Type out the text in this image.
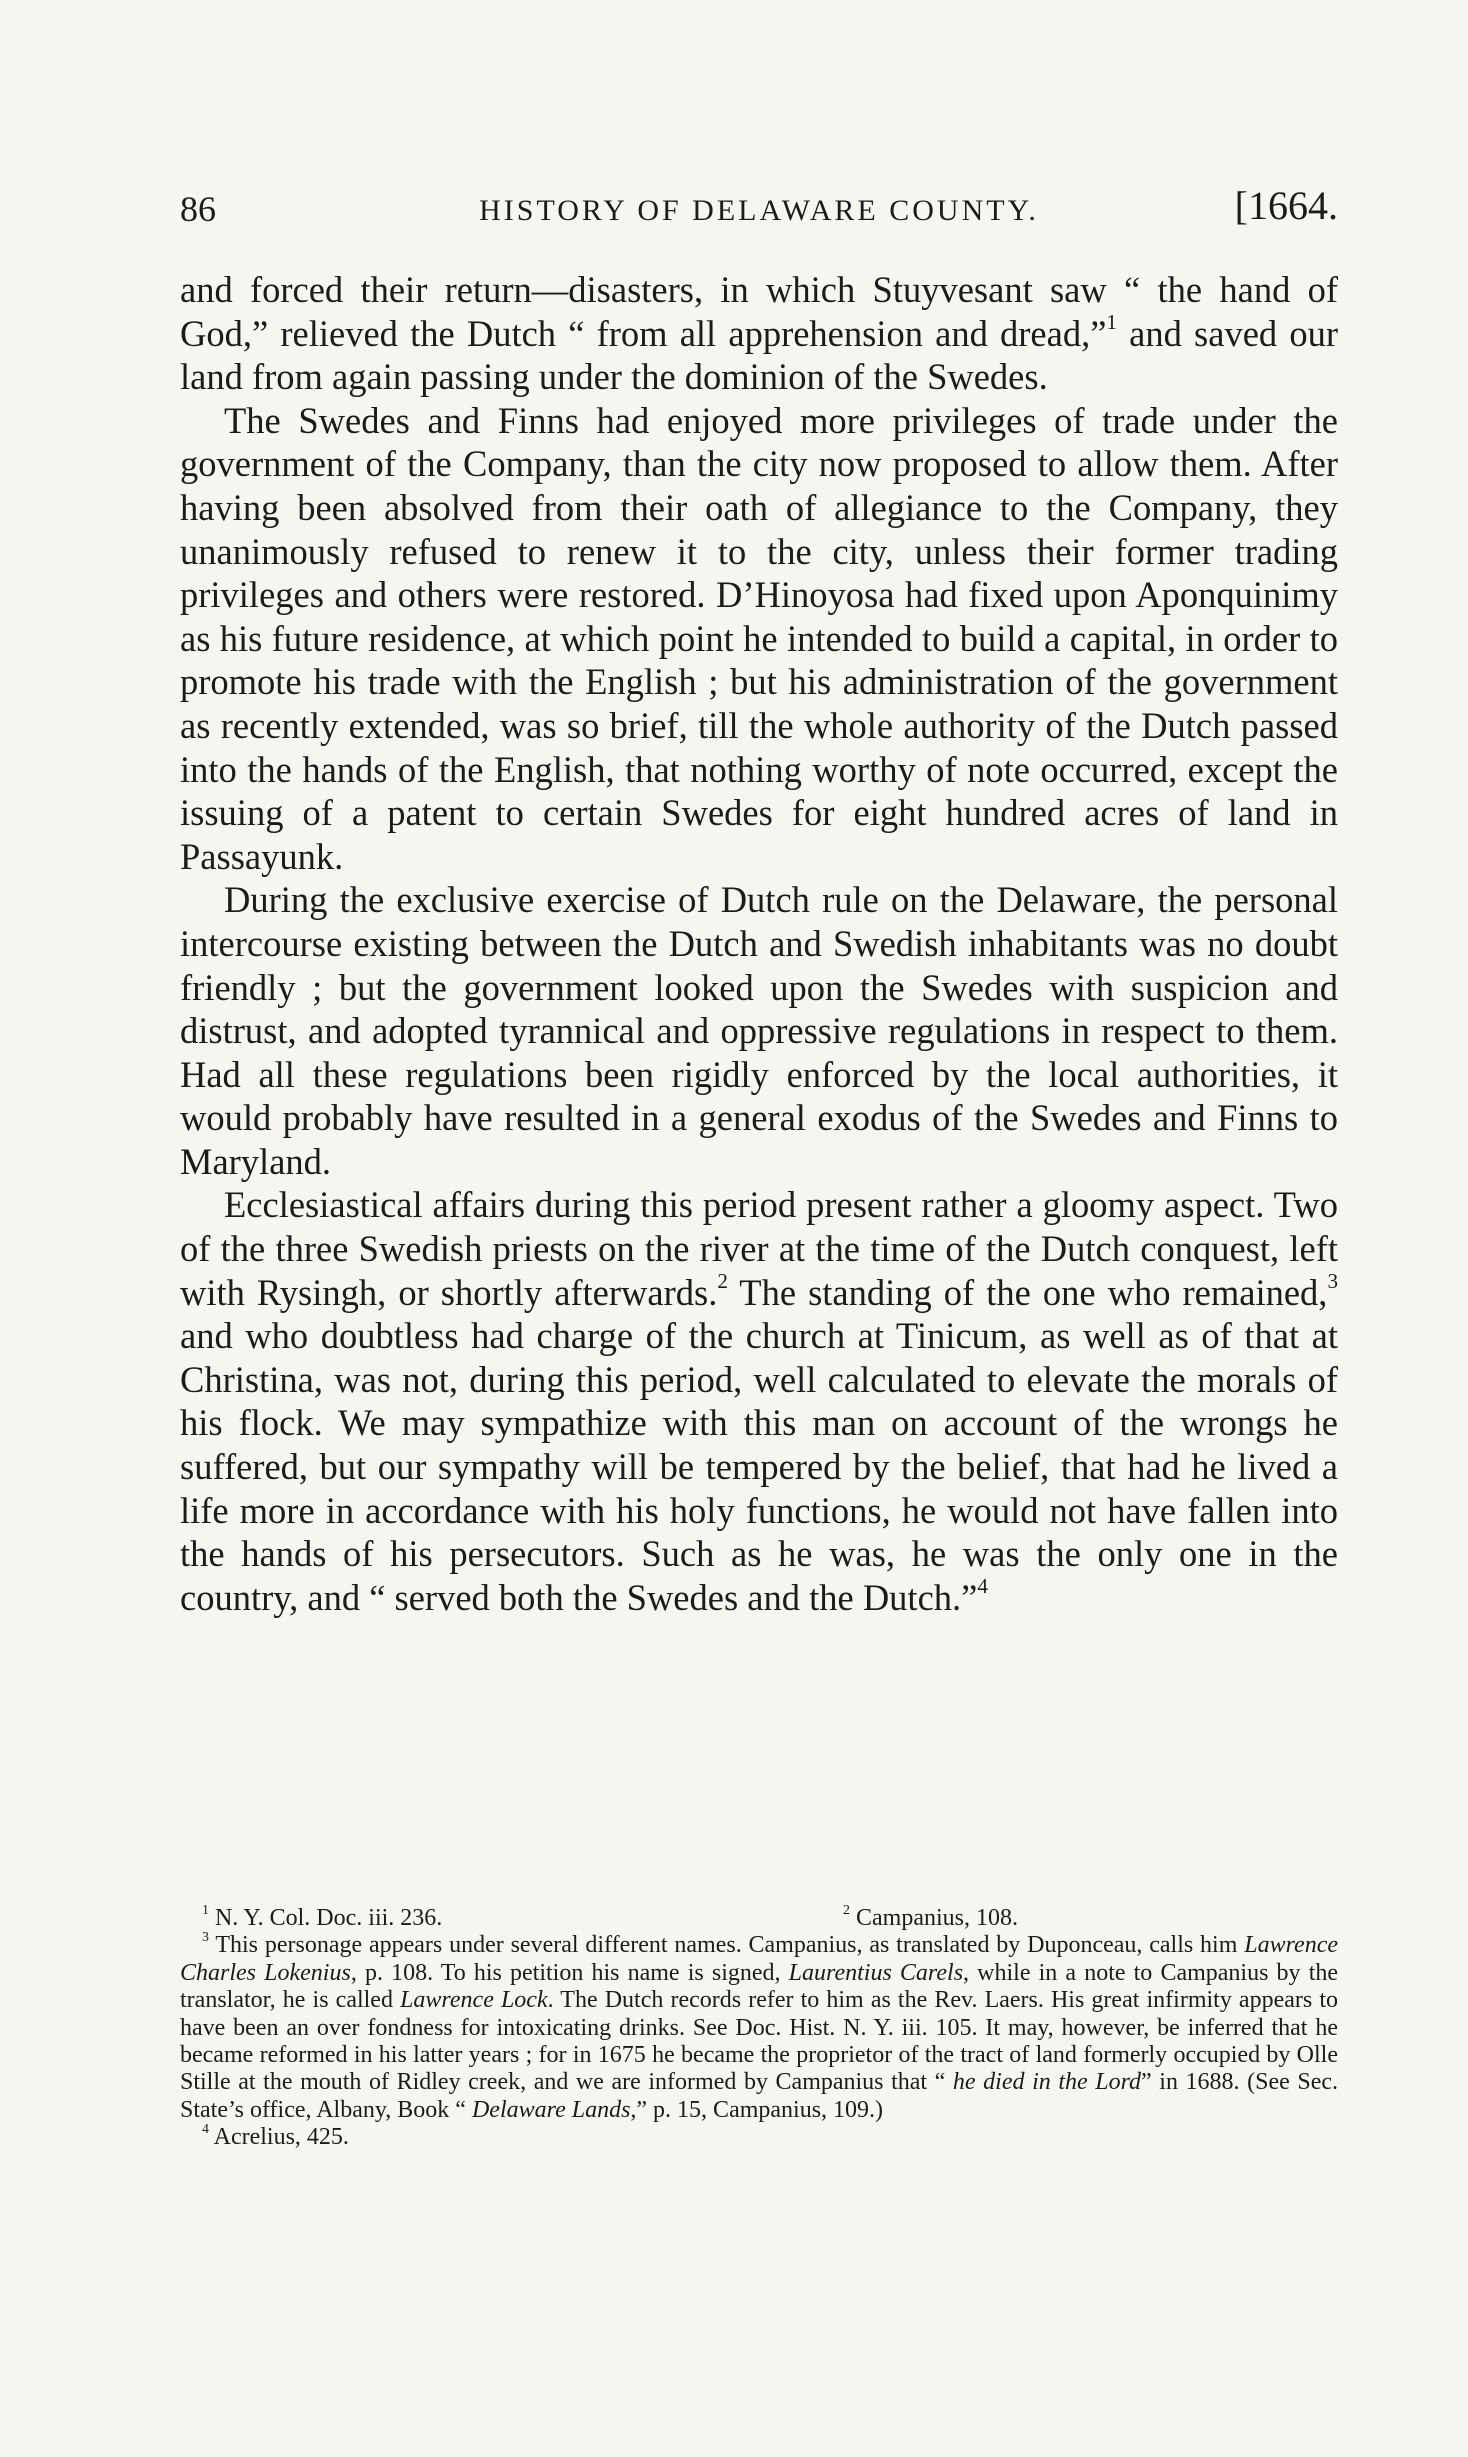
86	HISTORY OF DELAWARE COUNTY.	[1664.

and forced their return—disasters, in which Stuyvesant saw “ the hand of God,” relieved the Dutch “ from all apprehension and dread,”$^1$ and saved our land from again passing under the dominion of the Swedes.

The Swedes and Finns had enjoyed more privileges of trade under the government of the Company, than the city now proposed to allow them. After having been absolved from their oath of allegiance to the Company, they unanimously refused to renew it to the city, unless their former trading privileges and others were restored. D’Hinoyosa had fixed upon Aponquinimy as his future residence, at which point he intended to build a capital, in order to promote his trade with the English ; but his administration of the government as recently extended, was so brief, till the whole authority of the Dutch passed into the hands of the English, that nothing worthy of note occurred, except the issuing of a patent to certain Swedes for eight hundred acres of land in Passayunk.

During the exclusive exercise of Dutch rule on the Delaware, the personal intercourse existing between the Dutch and Swedish inhabitants was no doubt friendly ; but the government looked upon the Swedes with suspicion and distrust, and adopted tyrannical and oppressive regulations in respect to them. Had all these regulations been rigidly enforced by the local authorities, it would probably have resulted in a general exodus of the Swedes and Finns to Maryland.

Ecclesiastical affairs during this period present rather a gloomy aspect. Two of the three Swedish priests on the river at the time of the Dutch conquest, left with Rysingh, or shortly afterwards.$^2$ The standing of the one who remained,$^3$ and who doubtless had charge of the church at Tinicum, as well as of that at Christina, was not, during this period, well calculated to elevate the morals of his flock. We may sympathize with this man on account of the wrongs he suffered, but our sympathy will be tempered by the belief, that had he lived a life more in accordance with his holy functions, he would not have fallen into the hands of his persecutors. Such as he was, he was the only one in the country, and “ served both the Swedes and the Dutch.”$^4$

$^1$ N. Y. Col. Doc. iii. 236.	$^2$ Campanius, 108.

$^3$ This personage appears under several different names. Campanius, as translated by Duponceau, calls him Lawrence Charles Lokenius, p. 108. To his petition his name is signed, Laurentius Carels, while in a note to Campanius by the translator, he is called Lawrence Lock. The Dutch records refer to him as the Rev. Laers. His great infirmity appears to have been an over fondness for intoxicating drinks. See Doc. Hist. N. Y. iii. 105. It may, however, be inferred that he became reformed in his latter years ; for in 1675 he became the proprietor of the tract of land formerly occupied by Olle Stille at the mouth of Ridley creek, and we are informed by Campanius that “ he died in the Lord” in 1688. (See Sec. State’s office, Albany, Book “ Delaware Lands,” p. 15, Campanius, 109.)

$^4$ Acrelius, 425.
